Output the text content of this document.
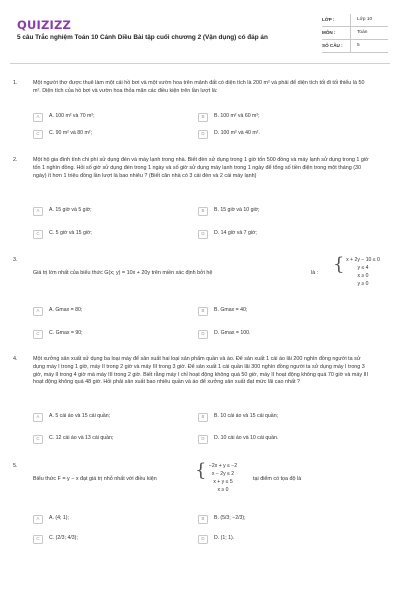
QUIZIZZ
5 câu Trắc nghiệm Toán 10 Cánh Diều Bài tập cuối chương 2 (Vận dụng) có đáp án
LỚP :	Lớp 10
MÔN :	Toán
SỐ CÂU :	5
1.	Một người thợ được thuê làm một cái hồ bơi và một vườn hoa trên mảnh đất có diện tích là 200 m² và phải để diện tích tối đi tối thiểu là 50 m². Diện tích của hồ bơi và vườn hoa thỏa mãn các điều kiện trên lần lượt là:
A	A. 100 m² và 70 m²;	B	B. 100 m² và 60 m²;
C	C. 90 m² và 80 m²;	D	D. 100 m² và 40 m².
2.	Một hộ gia đình tính chi phí sử dụng đèn và máy lạnh trong nhà. Biết đèn sử dụng trong 1 giờ tốn 500 đồng và máy lạnh sử dụng trong 1 giờ tốn 1 nghìn đồng. Hỏi số giờ sử dụng đèn trong 1 ngày và số giờ sử dụng máy lạnh trong 1 ngày để tổng số tiền điện trong một tháng (30 ngày) ít hơn 1 triệu đồng lần lượt là bao nhiêu ? (Biết căn nhà có 3 cái đèn và 2 cái máy lạnh)
A	A. 15 giờ và 5 giờ;	B	B. 15 giờ và 10 giờ;
C	C. 5 giờ và 15 giờ;	D	D. 14 giờ và 7 giờ;
3.	{ x + 2y − 10 ≤ 0
y ≤ 4
x ≥ 0
y ≥ 0
Giá trị lớn nhất của biểu thức G(x; y) = 10x + 20y trên miền xác định bởi hệ	là :
A	A. Gmax = 80;	B	B. Gmax = 40;
C	C. Gmax = 90;	D	D. Gmax = 100.
4.	Một xưởng sản xuất sử dụng ba loại máy để sản xuất hai loại sản phẩm quần và áo. Để sản xuất 1 cái áo lãi 200 nghìn đồng người ta sử dụng máy I trong 1 giờ, máy II trong 2 giờ và máy III trong 3 giờ. Để sản xuất 1 cái quần lãi 300 nghìn đồng người ta sử dụng máy I trong 3 giờ, máy II trong 4 giờ mà máy III trong 2 giờ. Biết rằng máy I chỉ hoạt động không quá 50 giờ, máy II hoạt động không quá 70 giờ và máy III hoạt động không quá 48 giờ. Hỏi phải sản xuất bao nhiêu quần và áo để xưởng sản xuất đạt mức lãi cao nhất ?
A	A. 5 cái áo và 15 cái quần;	B	B. 10 cái áo và 15 cái quần;
C	C. 12 cái áo và 13 cái quần;	D	D. 10 cái áo và 10 cái quần.
5.	{ −2x + y ≤ −2
x − 2y ≤ 2
x + y ≤ 5
x ≥ 0
Biểu thức F = y − x đạt giá trị nhỏ nhất với điều kiện	tại điểm có tọa độ là
A	A. (4; 1);	B	B. (5/3; −2/3);
C	C. (2/3; 4/3);	D	D. (1; 1).
